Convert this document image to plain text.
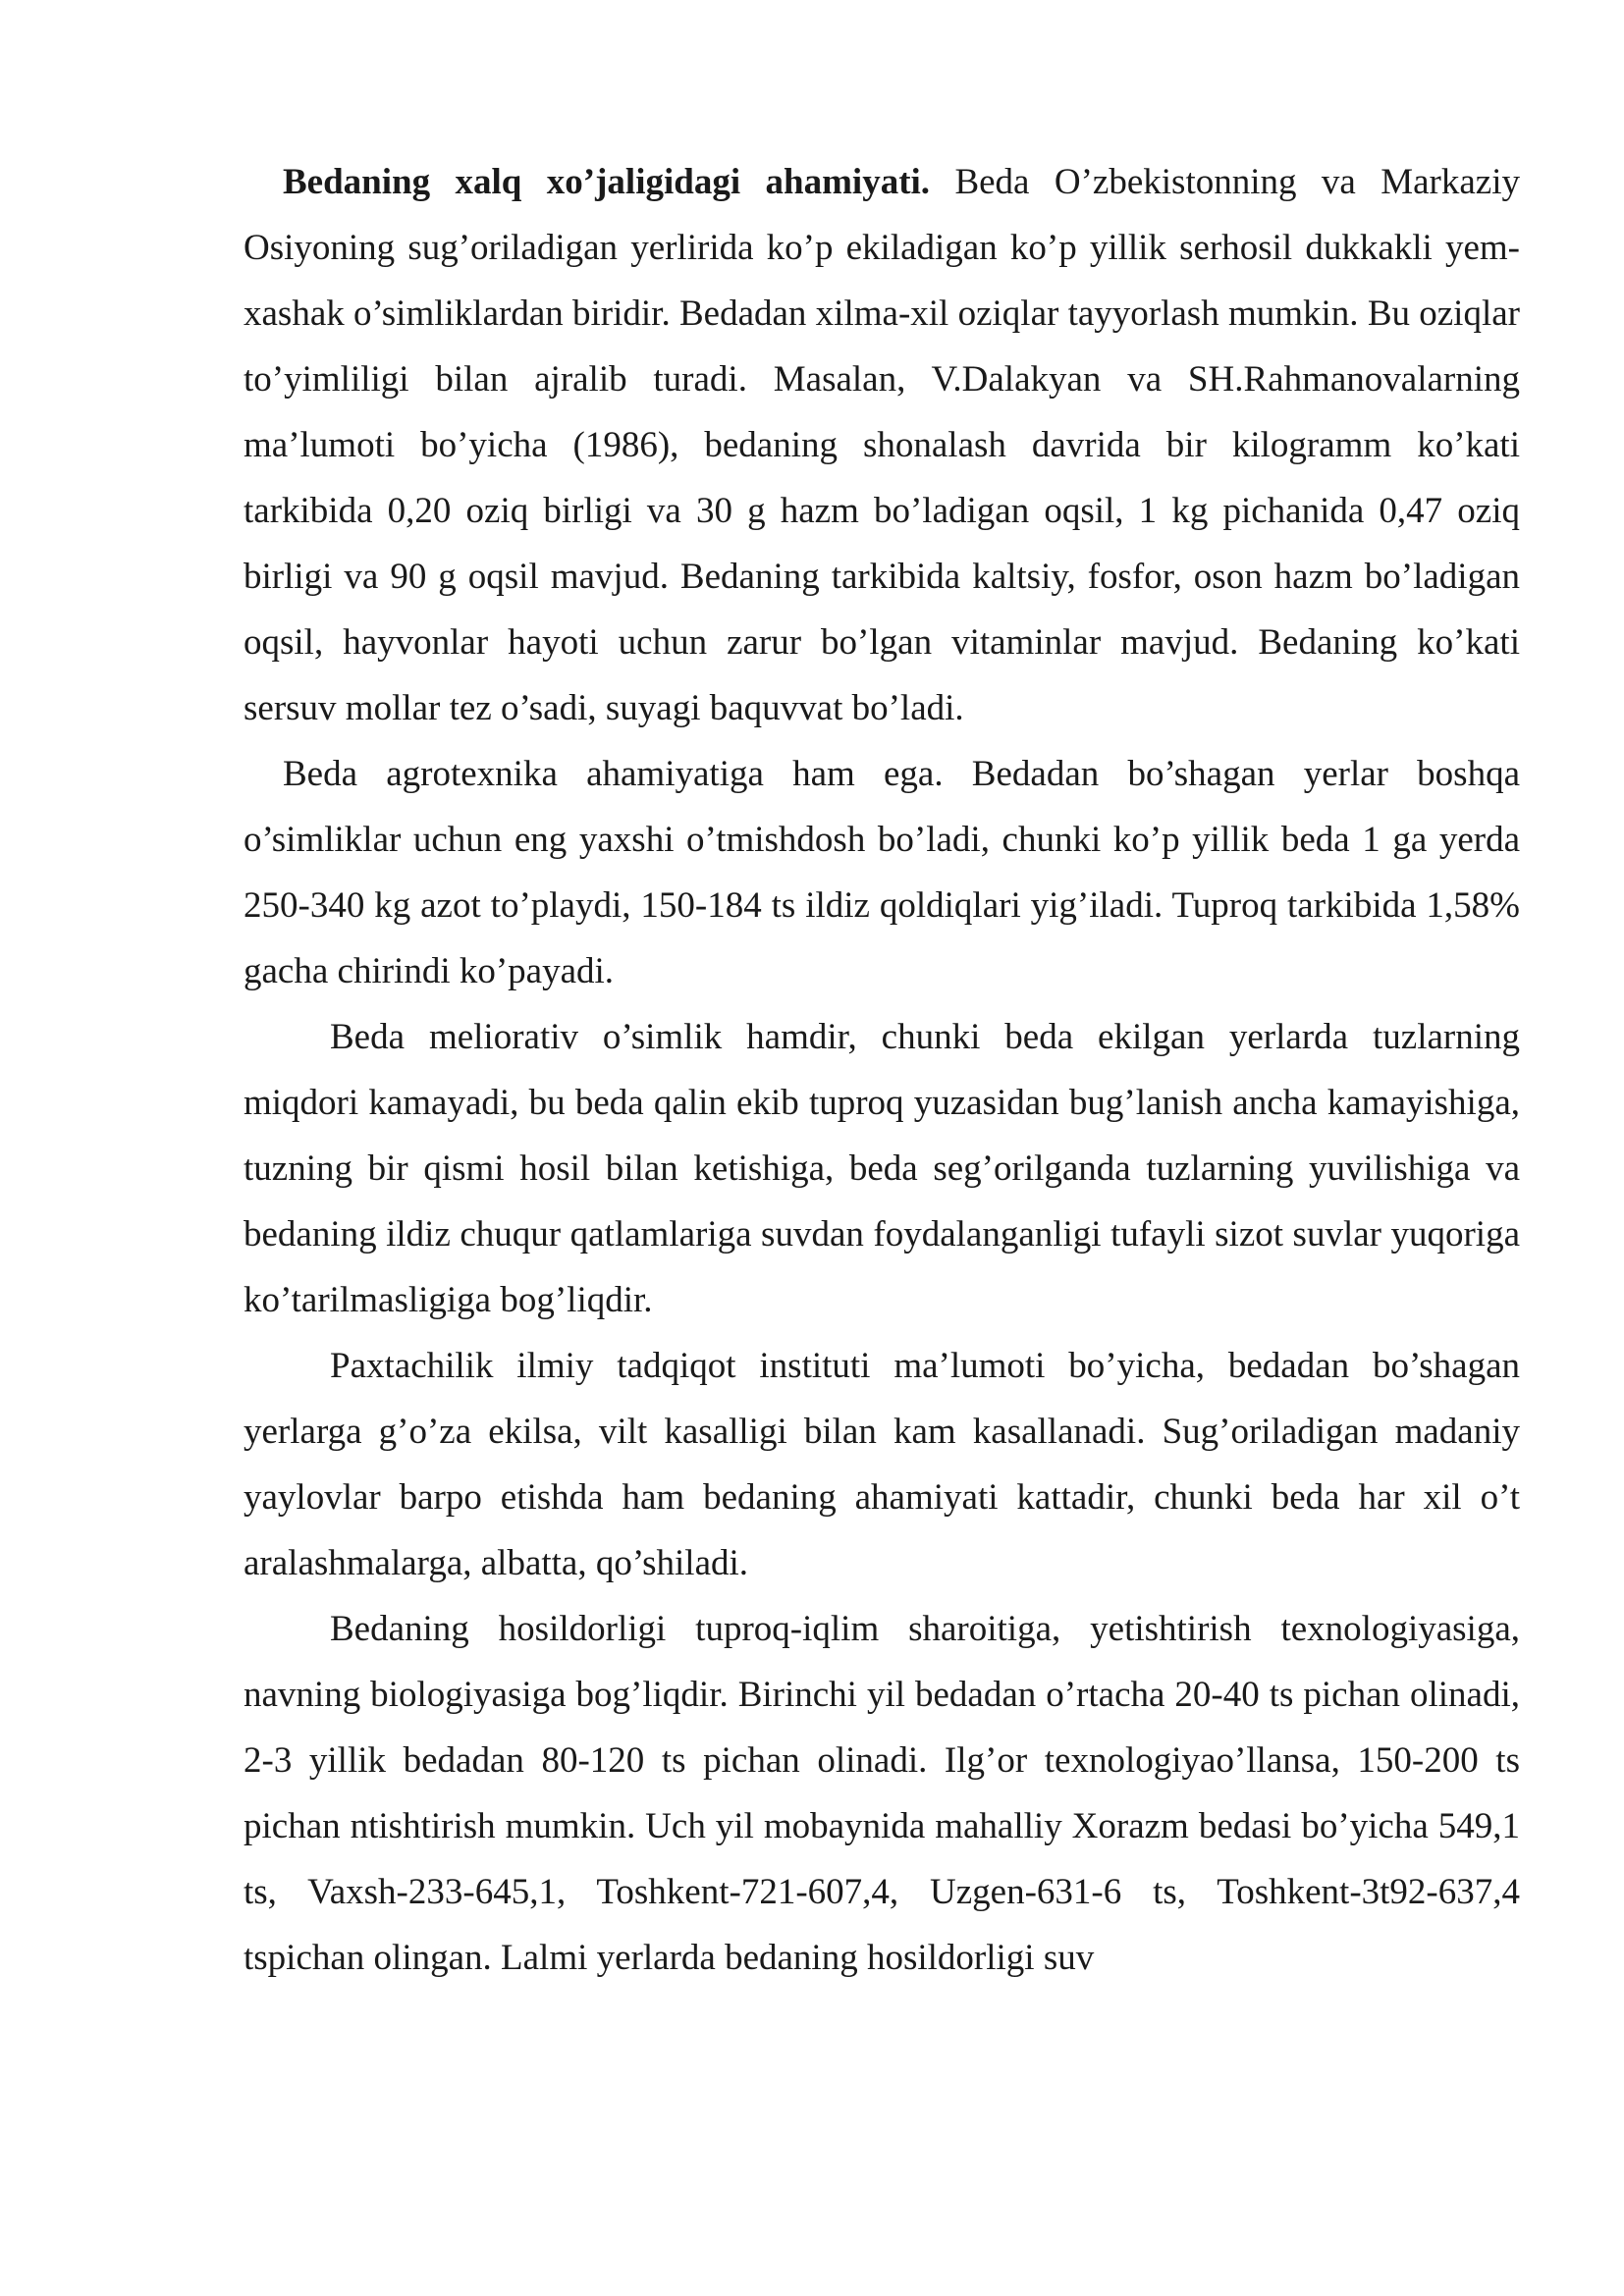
Bedaning xalq xo’jaligidagi ahamiyati. Beda O’zbekistonning va Markaziy Osiyoning sug’oriladigan yerlirida ko’p ekiladigan ko’p yillik serhosil dukkakli yem-xashak o’simliklardan biridir. Bedadan xilma-xil oziqlar tayyorlash mumkin. Bu oziqlar to’yimliligi bilan ajralib turadi. Masalan, V.Dalakyan va SH.Rahmanovalarning ma’lumoti bo’yicha (1986), bedaning shonalash davrida bir kilogramm ko’kati tarkibida 0,20 oziq birligi va 30 g hazm bo’ladigan oqsil, 1 kg pichanida 0,47 oziq birligi va 90 g oqsil mavjud. Bedaning tarkibida kaltsiy, fosfor, oson hazm bo’ladigan oqsil, hayvonlar hayoti uchun zarur bo’lgan vitaminlar mavjud. Bedaning ko’kati sersuv mollar tez o’sadi, suyagi baquvvat bo’ladi.

Beda agrotexnika ahamiyatiga ham ega. Bedadan bo’shagan yerlar boshqa o’simliklar uchun eng yaxshi o’tmishdosh bo’ladi, chunki ko’p yillik beda 1 ga yerda 250-340 kg azot to’playdi, 150-184 ts ildiz qoldiqlari yig’iladi. Tuproq tarkibida 1,58% gacha chirindi ko’payadi.

Beda meliorativ o’simlik hamdir, chunki beda ekilgan yerlarda tuzlarning miqdori kamayadi, bu beda qalin ekib tuproq yuzasidan bug’lanish ancha kamayishiga, tuzning bir qismi hosil bilan ketishiga, beda seg’orilganda tuzlarning yuvilishiga va bedaning ildiz chuqur qatlamlariga suvdan foydalanganligi tufayli sizot suvlar yuqoriga ko’tarilmasligiga bog’liqdir.

Paxtachilik ilmiy tadqiqot instituti ma’lumoti bo’yicha, bedadan bo’shagan yerlarga g’o’za ekilsa, vilt kasalligi bilan kam kasallanadi. Sug’oriladigan madaniy yaylovlar barpo etishda ham bedaning ahamiyati kattadir, chunki beda har xil o’t aralashmalarga, albatta, qo’shiladi.

Bedaning hosildorligi tuproq-iqlim sharoitiga, yetishtirish texnologiyasiga, navning biologiyasiga bog’liqdir. Birinchi yil bedadan o’rtacha 20-40 ts pichan olinadi, 2-3 yillik bedadan 80-120 ts pichan olinadi. Ilg’or texnologiyao’llansa, 150-200 ts pichan ntishtirish mumkin. Uch yil mobaynida mahalliy Xorazm bedasi bo’yicha 549,1 ts, Vaxsh-233-645,1, Toshkent-721-607,4, Uzgen-631-6 ts, Toshkent-3t92-637,4 tspichan olingan. Lalmi yerlarda bedaning hosildorligi suv
